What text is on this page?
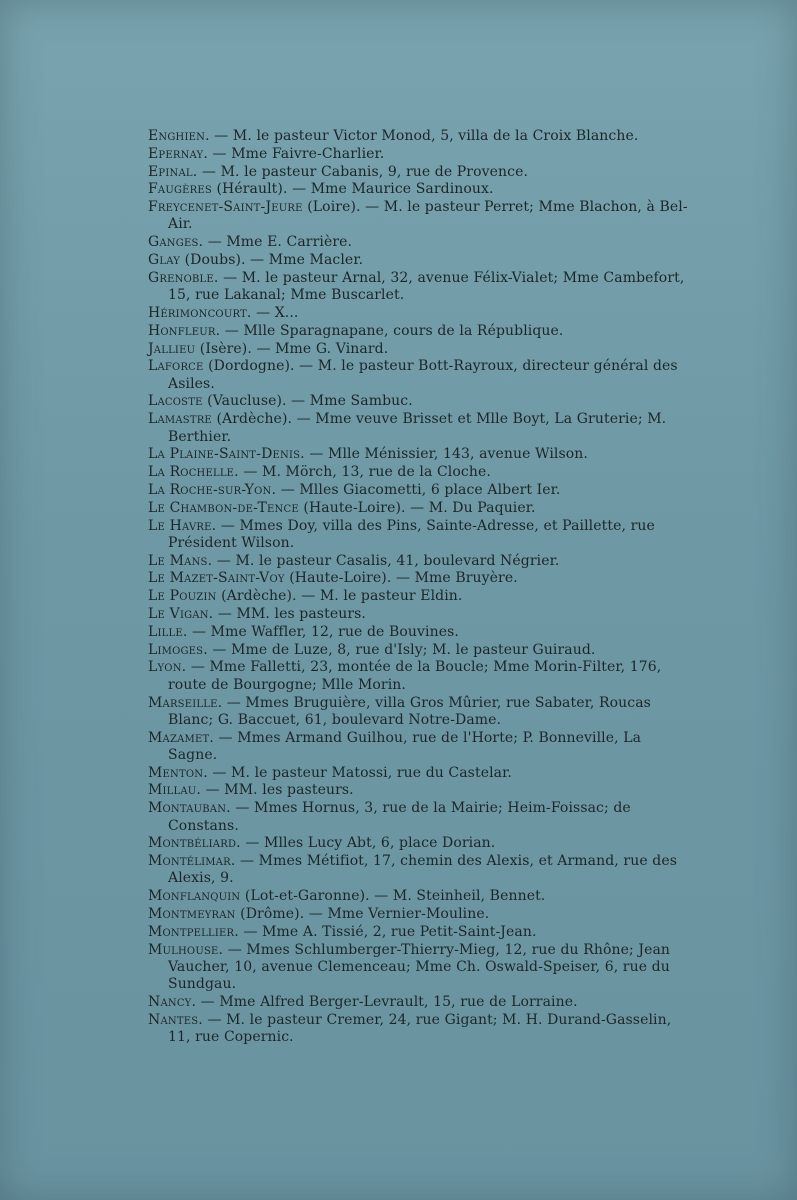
Enghien. — M. le pasteur Victor Monod, 5, villa de la Croix Blanche.
Epernay. — Mme Faivre-Charlier.
Epinal. — M. le pasteur Cabanis, 9, rue de Provence.
Faugères (Hérault). — Mme Maurice Sardinoux.
Freycenet-Saint-Jeure (Loire). — M. le pasteur Perret; Mme Blachon, à Bel-Air.
Ganges. — Mme E. Carrière.
Glay (Doubs). — Mme Macler.
Grenoble. — M. le pasteur Arnal, 32, avenue Félix-Vialet; Mme Cambefort, 15, rue Lakanal; Mme Buscarlet.
Hérimoncourt. — X...
Honfleur. — Mlle Sparagnapane, cours de la République.
Jallieu (Isère). — Mme G. Vinard.
Laforce (Dordogne). — M. le pasteur Bott-Rayroux, directeur général des Asiles.
Lacoste (Vaucluse). — Mme Sambuc.
Lamastre (Ardèche). — Mme veuve Brisset et Mlle Boyt, La Gruterie; M. Berthier.
La Plaine-Saint-Denis. — Mlle Ménissier, 143, avenue Wilson.
La Rochelle. — M. Mörch, 13, rue de la Cloche.
La Roche-sur-Yon. — Mlles Giacometti, 6 place Albert Ier.
Le Chambon-de-Tence (Haute-Loire). — M. Du Paquier.
Le Havre. — Mmes Doy, villa des Pins, Sainte-Adresse, et Paillette, rue Président Wilson.
Le Mans. — M. le pasteur Casalis, 41, boulevard Négrier.
Le Mazet-Saint-Voy (Haute-Loire). — Mme Bruyère.
Le Pouzin (Ardèche). — M. le pasteur Eldin.
Le Vigan. — MM. les pasteurs.
Lille. — Mme Waffler, 12, rue de Bouvines.
Limoges. — Mme de Luze, 8, rue d'Isly; M. le pasteur Guiraud.
Lyon. — Mme Falletti, 23, montée de la Boucle; Mme Morin-Filter, 176, route de Bourgogne; Mlle Morin.
Marseille. — Mmes Bruguière, villa Gros Mûrier, rue Sabater, Roucas Blanc; G. Baccuet, 61, boulevard Notre-Dame.
Mazamet. — Mmes Armand Guilhou, rue de l'Horte; P. Bonneville, La Sagne.
Menton. — M. le pasteur Matossi, rue du Castelar.
Millau. — MM. les pasteurs.
Montauban. — Mmes Hornus, 3, rue de la Mairie; Heim-Foissac; de Constans.
Montbéliard. — Mlles Lucy Abt, 6, place Dorian.
Montélimar. — Mmes Métifiot, 17, chemin des Alexis, et Armand, rue des Alexis, 9.
Monflanquin (Lot-et-Garonne). — M. Steinheil, Bennet.
Montmeyran (Drôme). — Mme Vernier-Mouline.
Montpellier. — Mme A. Tissié, 2, rue Petit-Saint-Jean.
Mulhouse. — Mmes Schlumberger-Thierry-Mieg, 12, rue du Rhône; Jean Vaucher, 10, avenue Clemenceau; Mme Ch. Oswald-Speiser, 6, rue du Sundgau.
Nancy. — Mme Alfred Berger-Levrault, 15, rue de Lorraine.
Nantes. — M. le pasteur Cremer, 24, rue Gigant; M. H. Durand-Gasselin, 11, rue Copernic.
